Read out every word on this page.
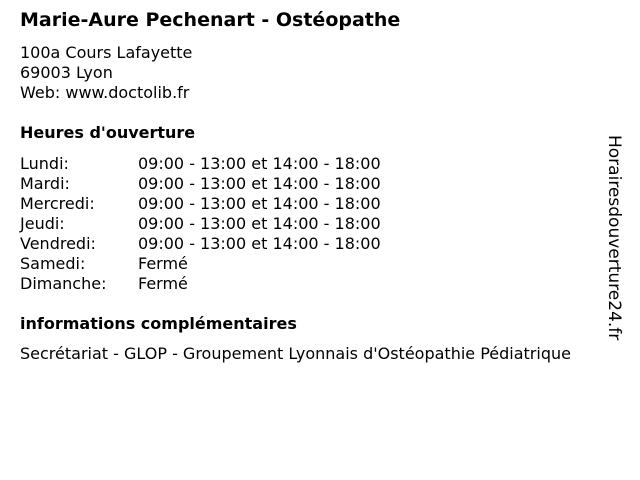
Marie-Aure Pechenart - Ostéopathe
100a Cours Lafayette
69003 Lyon
Web: www.doctolib.fr
Heures d'ouverture
Lundi:	09:00 - 13:00 et 14:00 - 18:00
Mardi:	09:00 - 13:00 et 14:00 - 18:00
Mercredi:	09:00 - 13:00 et 14:00 - 18:00
Jeudi:	09:00 - 13:00 et 14:00 - 18:00
Vendredi:	09:00 - 13:00 et 14:00 - 18:00
Samedi:	Fermé
Dimanche: Fermé
informations complémentaires
Secrétariat - GLOP - Groupement Lyonnais d'Ostéopathie Pédiatrique
Horairesdouverture24.fr
